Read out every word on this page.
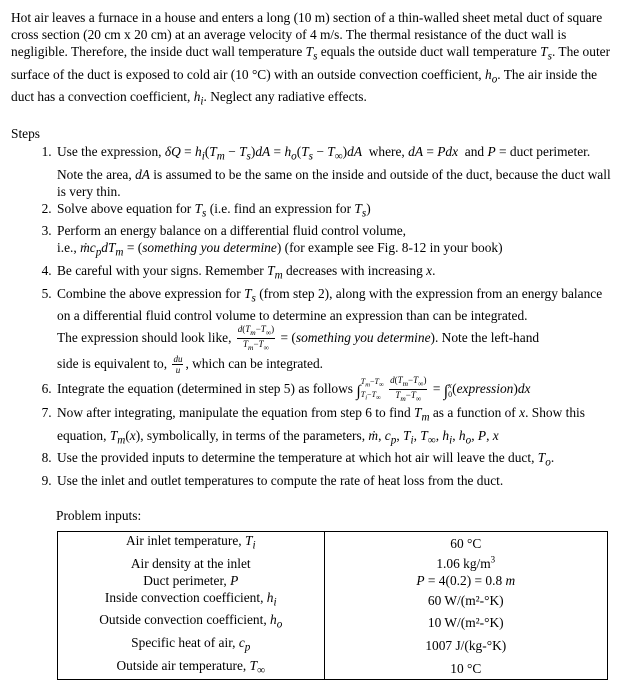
Hot air leaves a furnace in a house and enters a long (10 m) section of a thin-walled sheet metal duct of square cross section (20 cm x 20 cm) at an average velocity of 4 m/s. The thermal resistance of the duct wall is negligible. Therefore, the inside duct wall temperature $T_s$ equals the outside duct wall temperature $T_s$. The outer surface of the duct is exposed to cold air (10 °C) with an outside convection coefficient, $h_o$. The air inside the duct has a convection coefficient, $h_i$. Neglect any radiative effects.

Steps
1. Use the expression, $\delta Q = h_i(T_m - T_s)dA = h_o(T_s - T_\infty)dA$  where, dA = Pdx  and P = duct perimeter. Note the area, dA is assumed to be the same on the inside and outside of the duct, because the duct wall is very thin.
2. Solve above equation for $T_s$ (i.e. find an expression for $T_s$)
3. Perform an energy balance on a differential fluid control volume,
i.e., $ṁc_pdT_m$ = (something you determine) (for example see Fig. 8-12 in your book)
4. Be careful with your signs. Remember $T_m$ decreases with increasing x.
5. Combine the above expression for $T_s$ (from step 2), along with the expression from an energy balance on a differential fluid control volume to determine an expression than can be integrated.
The expression should look like, $\frac{d(T_m-T_\infty)}{T_m-T_\infty}$ = (something you determine). Note the left-hand
side is equivalent to, $\frac{du}{u}$ , which can be integrated.
6. Integrate the equation (determined in step 5) as follows $\int T_m-T_\infty$
$T_i-T_\infty \frac{d(T_m-T_\infty)}{T_m-T_\infty} = \int x$
0(expression)dx
7. Now after integrating, manipulate the equation from step 6 to find $T_m$ as a function of x. Show this equation, $T_m(x)$, symbolically, in terms of the parameters, ṁ, $c_p$, $T_i$, $T_\infty$, $h_i$, $h_o$, P, x
8. Use the provided inputs to determine the temperature at which hot air will leave the duct, $T_o$.
9. Use the inlet and outlet temperatures to compute the rate of heat loss from the duct.
Problem inputs:
Air inlet temperature, $T_i$	60 °C
Air density at the inlet	1.06 $kg/m^3$
Duct perimeter, P	P = 4(0.2) = 0.8 m
Inside convection coefficient, $h_i$	60 W/(m²-°K)
Outside convection coefficient, $h_o$	10 W/(m²-°K)
Specific heat of air, $c_p$	1007 J/(kg-°K)
Outside air temperature, $T_\infty$	10 °C
